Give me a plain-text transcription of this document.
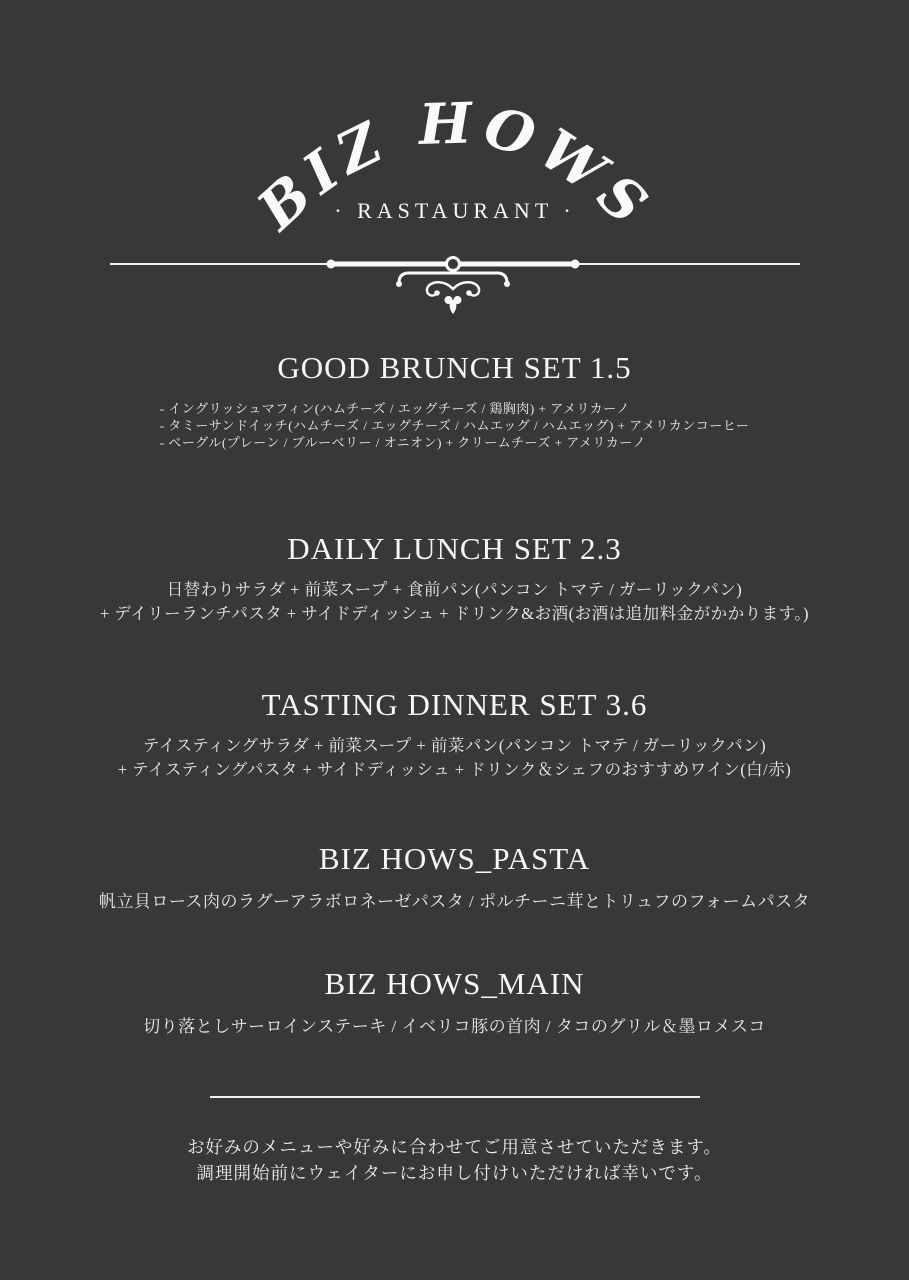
BIZ HOWS
· RASTAURANT ·
GOOD BRUNCH SET 1.5

- イングリッシュマフィン(ハムチーズ / エッグチーズ / 鶏胸肉) + アメリカーノ

- タミーサンドイッチ(ハムチーズ / エッグチーズ / ハムエッグ / ハムエッグ) + アメリカンコーヒー

- ベーグル(プレーン / ブルーベリー / オニオン) + クリームチーズ + アメリカーノ

DAILY LUNCH SET 2.3

日替わりサラダ + 前菜スープ + 食前パン(パンコン トマテ / ガーリックパン)

+ デイリーランチパスタ + サイドディッシュ + ドリンク&お酒(お酒は追加料金がかかります。)

TASTING DINNER SET 3.6

テイスティングサラダ + 前菜スープ + 前菜パン(パンコン トマテ / ガーリックパン)

+ テイスティングパスタ + サイドディッシュ + ドリンク＆シェフのおすすめワイン(白/赤)

BIZ HOWS_PASTA

帆立貝ロース肉のラグーアラボロネーゼパスタ / ポルチーニ茸とトリュフのフォームパスタ

BIZ HOWS_MAIN

切り落としサーロインステーキ / イベリコ豚の首肉 / タコのグリル＆墨ロメスコ

お好みのメニューや好みに合わせてご用意させていただきます。

調理開始前にウェイターにお申し付けいただければ幸いです。
